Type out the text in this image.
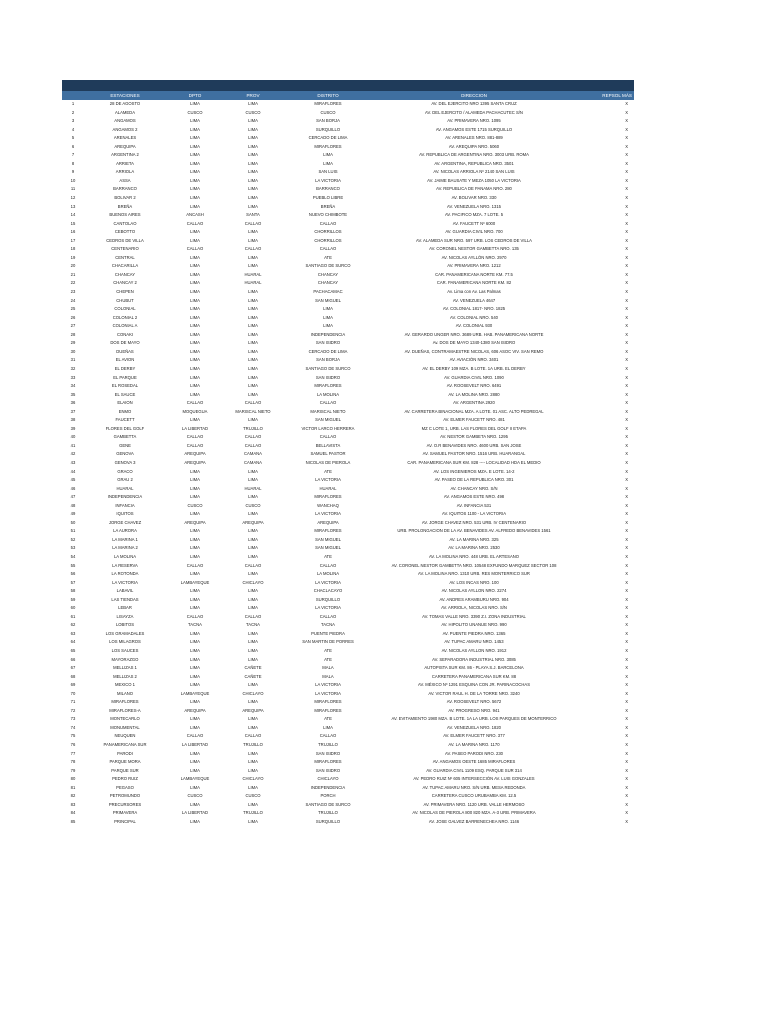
	ESTACIONES	DPTO	PROV	DISTRITO	DIRECCION	REPSOL MÁS
1	28 DE AGOSTO	LIMA	LIMA	MIRAFLORES	AV. DEL EJERCITO NRO 1395 SANTA CRUZ	X
2	ALAMEDA	CUSCO	CUSCO	CUSCO	AV. DEL EJERCITO / ALAMEDA PACHACUTEC S/N	X
3	ANGAMOS	LIMA	LIMA	SAN BORJA	AV. PRIMAVERA NRO. 1095	X
4	ANGAMOS 2	LIMA	LIMA	SURQUILLO	AV. ANGAMOS ESTE 1715 SURQUILLO	X
5	ARENALES	LIMA	LIMA	CERCADO DE LIMA	AV. ARENALES NRO. 881-889	X
6	AREQUIPA	LIMA	LIMA	MIRAFLORES	AV. AREQUIPA NRO. 5060	X
7	ARGENTINA 2	LIMA	LIMA	LIMA	AV. REPUBLICA DE ARGENTINA NRO. 3003 URB. ROMA	X
8	ARRIETA	LIMA	LIMA	LIMA	AV. ARGENTINA, REPUBLICA NRO. 3501	X
9	ARRIOLA	LIMA	LIMA	SAN LUIS	AV. NICOLAS ARRIOLA Nº 2140 SAN LUIS	X
10	ASSA	LIMA	LIMA	LA VICTORIA	AV. JAIME BAUSATE Y MEZA 1050 LA VICTORIA	X
11	BARRANCO	LIMA	LIMA	BARRANCO	AV. REPUBLICA DE PANAMA NRO. 280	X
12	BOLIVAR 2	LIMA	LIMA	PUEBLO LIBRE	AV. BOLIVAR NRO. 330	X
13	BREÑA	LIMA	LIMA	BREÑA	AV. VENEZUELA NRO. 1315	X
14	BUENOS AIRES	ANCASH	SANTA	NUEVO CHIMBOTE	AV. PACIFICO MZA. 7 LOTE. 5	X
15	CANTOLAO	CALLAO	CALLAO	CALLAO	AV. FAUCETT Nº 6000	X
16	CEBOTTO	LIMA	LIMA	CHORRILLOS	AV. GUARDIA CIVIL NRO. 700	X
17	CEDROS DE VILLA	LIMA	LIMA	CHORRILLOS	AV. ALAMEDA SUR NRO. 597 URB. LOS CEDROS DE VILLA	X
18	CENTENARIO	CALLAO	CALLAO	CALLAO	AV. CORONEL NESTOR GAMBETTA NRO. 135	X
19	CENTRAL	LIMA	LIMA	ATE	AV. NICOLAS AYLLÓN NRO. 2970	X
20	CHACARILLA	LIMA	LIMA	SANTIAGO DE SURCO	AV. PRIMAVERA NRO. 1212	X
21	CHANCAY	LIMA	HUARAL	CHANCAY	CAR. PANAMERICANA NORTE KM. 77.5	X
22	CHANCAY 2	LIMA	HUARAL	CHANCAY	CAR. PANAMERICANA NORTE KM. 82	X
23	CHEPEN	LIMA	LIMA	PACHACAMAC	Av. Lima con Av. Las Palmas	X
24	CHUBUT	LIMA	LIMA	SAN MIGUEL	AV. VENEZUELA 4647	X
25	COLONIAL	LIMA	LIMA	LIMA	AV. COLONIAL 1817- NRO. 1825	X
26	COLONIAL 2	LIMA	LIMA	LIMA	AV. COLONIAL NRO. 540	X
27	COLONIAL A	LIMA	LIMA	LIMA	AV. COLONIAL 930	X
28	CONAKI	LIMA	LIMA	INDEPENDENCIA	AV. GERARDO UNGER NRO. 3689 URB. HAB. PANAMERICANA NORTE	X
29	DOS DE MAYO	LIMA	LIMA	SAN ISIDRO	Av. DOS DE MAYO 1340-1380 SAN ISIDRO	X
30	DUEÑAS	LIMA	LIMA	CERCADO DE LIMA	AV. DUEÑAS, CONTRAMAESTRE NICOLAS, 606 ASOC VIV. SAN REMO	X
31	EL AVION	LIMA	LIMA	SAN BORJA	AV. AVIACIÓN NRO. 3401	X
32	EL DERBY	LIMA	LIMA	SANTIAGO DE SURCO	AV. EL DERBY 109 MZA. B LOTE. 1A URB. EL DERBY	X
33	EL PARQUE	LIMA	LIMA	SAN ISIDRO	AV. GUARDIA CIVIL NRO. 1090	X
34	EL ROSEDAL	LIMA	LIMA	MIRAFLORES	AV. ROOSEVELT NRO. 6491	X
35	EL SAUCE	LIMA	LIMA	LA MOLINA	AV. LA MOLINA NRO. 2880	X
36	ELAION	CALLAO	CALLAO	CALLAO	AV. ARGENTINA 2920	X
37	ENMO	MOQUEGUA	MARISCAL NIETO	MARISCAL NIETO	AV. CARRETERA BINACIONAL MZA. A LOTE. 01 ASC. ALTO PEDREGAL	X
38	FAUCETT	LIMA	LIMA	SAN MIGUEL	AV. ELMER FAUCETT NRO. 481	X
39	FLORES DEL GOLF	LA LIBERTAD	TRUJILLO	VICTOR LARCO HERRERA	MZ C LOTE 1, URB. LAS FLORES DEL GOLF II ETAPA	X
40	GAMBETTA	CALLAO	CALLAO	CALLAO	AV. NESTOR GAMBETA NRO. 1295	X
41	GENE	CALLAO	CALLAO	BELLAVISTA	AV. O.R BENAVIDES NRO. 4600 URB. SAN JOSE	X
42	GENOVA	AREQUIPA	CAMANA	SAMUEL PASTOR	AV. SAMUEL PASTOR NRO. 1516 URB. HUARANGAL	X
43	GENOVA 3	AREQUIPA	CAMANA	NICOLAS DE PIEROLA	CAR. PANAMERICANA SUR KM. 828 ---- LOCALIDAD HDA EL MEDIO	X
44	GRACO	LIMA	LIMA	ATE	AV. LOS INGENIEROS MZA. E LOTE. 14-2	X
45	GRAU 2	LIMA	LIMA	LA VICTORIA	AV. PASEO DE LA REPUBLICA NRO. 301	X
46	HUARAL	LIMA	HUARAL	HUARAL	AV. CHANCAY NRO. S/N	X
47	INDEPENDENCIA	LIMA	LIMA	MIRAFLORES	AV. ANGAMOS ESTE NRO. 498	X
48	INFANCIA	CUSCO	CUSCO	WANCHAQ	AV. INFANCIA 531	X
49	IQUITOS	LIMA	LIMA	LA VICTORIA	AV. IQUITOS 1100 - LA VICTORIA	X
50	JORGE CHAVEZ	AREQUIPA	AREQUIPA	AREQUIPA	AV. JORGE CHAVEZ NRO. 531 URB. IV CENTENARIO	X
51	LA AURORA	LIMA	LIMA	MIRAFLORES	URB. PROLONGACION DE LA AV. BENAVIDES AV. ALFREDO BENAVIDES 1561	X
52	LA MARINA 1	LIMA	LIMA	SAN MIGUEL	AV. LA MARINA NRO. 325	X
53	LA MARINA 2	LIMA	LIMA	SAN MIGUEL	AV. LA MARINA NRO. 2530	X
54	LA MOLINA	LIMA	LIMA	ATE	AV. LA MOLINA NRO. 448 URB. EL ARTESANO	X
55	LA RESERVA	CALLAO	CALLAO	CALLAO	AV. CORONEL NESTOR GAMBETTA NRO. 10548 EXFUNDO MARQUEZ SECTOR 108	X
56	LA ROTONDA	LIMA	LIMA	LA MOLINA	AV. LA MOLINA NRO. 1310 URB. RES MONTERRICO SUR	X
57	LA VICTORIA	LAMBAYEQUE	CHICLAYO	LA VICTORIA	AV. LOS INCAS NRO. 100	X
58	LABAVIL	LIMA	LIMA	CHACLACAYO	AV. NICOLAS AYLLON NRO. 2274	X
59	LAS TIENDAS	LIMA	LIMA	SURQUILLO	AV. ANDRES ARAMBURU NRO. 904	X
60	LEBAR	LIMA	LIMA	LA VICTORIA	AV. ARRIOLA, NICOLAS NRO. S/N	X
61	LISAYZA	CALLAO	CALLAO	CALLAO	AV. TOMAS VALLE NRO. 3390 Z.I. ZONA INDUSTRIAL	X
62	LOBITOS	TACNA	TACNA	TACNA	AV. HIPOLITO UNANUE NRO. 990	X
63	LOS GRAMADALES	LIMA	LIMA	PUENTE PIEDRA	AV. PUENTE PIEDRA NRO. 1365	X
64	LOS MILAGROS	LIMA	LIMA	SAN MARTIN DE PORRES	AV. TUPAC AMARU NRO. 1453	X
65	LOS SAUCES	LIMA	LIMA	ATE	AV. NICOLAS AYLLON NRO. 1912	X
66	MAYORAZGO	LIMA	LIMA	ATE	AV. SEPARADORA INDUSTRIAL NRO. 3085	X
67	MELLIZAS 1	LIMA	CAÑETE	MALA	AUTOPISTA SUR KM. 86 - PLAYA S.J. BARCELONA	X
68	MELLIZAS 2	LIMA	CAÑETE	MALA	CARRETERA PANAMERICANA SUR KM. 88	X
69	MEXICO 1	LIMA	LIMA	LA VICTORIA	AV. MÉXICO Nº 1291 ESQUINA CON JR. PARINACOCHAS	X
70	MILANO	LAMBAYEQUE	CHICLAYO	LA VICTORIA	AV. VICTOR RAUL H. DE LA TORRE NRO. 3240	X
71	MIRAFLORES	LIMA	LIMA	MIRAFLORES	AV. ROOSEVELT NRO. 5672	X
72	MIRAFLORES-A	AREQUIPA	AREQUIPA	MIRAFLORES	AV. PROGRESO NRO. 941	X
73	MONTECARLO	LIMA	LIMA	ATE	AV. EVITAMIENTO 1980 MZA. B LOTE. 1A LA URB. LOS PARQUES DE MONTERRICO	X
74	MONUMENTAL	LIMA	LIMA	LIMA	AV. VENEZUELA NRO. 1820	X
75	NEUQUEN	CALLAO	CALLAO	CALLAO	AV. ELMER FAUCETT NRO. 377	X
76	PANAMERICANA SUR	LA LIBERTAD	TRUJILLO	TRUJILLO	AV. LA MARINA NRO. 1170	X
77	PARODI	LIMA	LIMA	SAN ISIDRO	AV. PASEO PARODI NRO. 230	X
78	PARQUE MORA	LIMA	LIMA	MIRAFLORES	AV. ANGAMOS OESTE 1685 MIRAFLORES	X
79	PARQUE SUR	LIMA	LIMA	SAN ISIDRO	AV. GUARDIA CIVIL 1109 ESQ. PARQUE SUR 314	X
80	PEDRO RUIZ	LAMBAYEQUE	CHICLAYO	CHICLAYO	AV. PEDRO RUIZ Nº 605 INTERSECCIÓN AV. LUIS GONZALES	X
81	PEGASO	LIMA	LIMA	INDEPENDENCIA	AV. TUPAC AMARU NRO. S/N URB. MESA REDONDA	X
82	PETROMUNDO	CUSCO	CUSCO	PORCH	CARRETERA CUSCO URUBAMBA KM. 12.5	X
83	PRECURSORES	LIMA	LIMA	SANTIAGO DE SURCO	AV. PRIMAVERA NRO. 1120 URB. VALLE HERMOSO	X
84	PRIMAVERA	LA LIBERTAD	TRUJILLO	TRUJILLO	AV. NICOLAS DE PIEROLA 800 820 MZA. A-3 URB. PRIMAVERA	X
85	PRINCIPAL	LIMA	LIMA	SURQUILLO	AV. JOSE GALVEZ BARRENECHEA NRO. 1146	X
